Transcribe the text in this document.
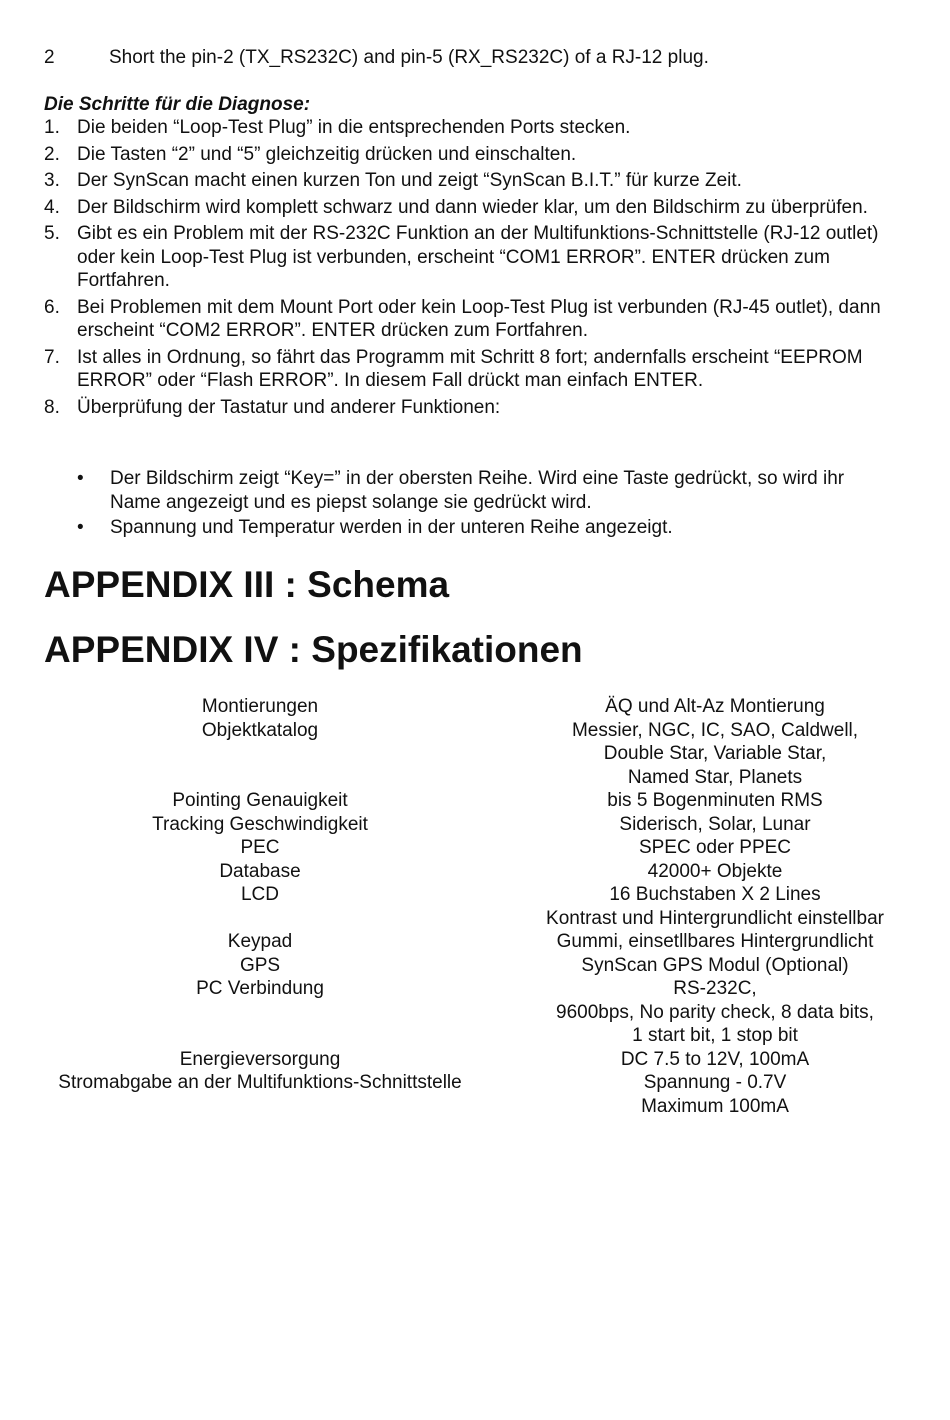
2	Short the pin-2 (TX_RS232C) and pin-5 (RX_RS232C) of a RJ-12 plug.
Die Schritte für die Diagnose:
1. Die beiden “Loop-Test Plug” in die entsprechenden Ports stecken.
2. Die Tasten “2” und “5” gleichzeitig drücken und einschalten.
3. Der SynScan macht einen kurzen Ton und zeigt “SynScan B.I.T.” für kurze Zeit.
4. Der Bildschirm wird komplett schwarz und dann wieder klar, um den Bildschirm zu überprüfen.
5. Gibt es ein Problem mit der RS-232C Funktion an der Multifunktions-Schnittstelle (RJ-12 outlet) oder kein Loop-Test Plug ist verbunden, erscheint “COM1 ERROR”. ENTER drücken zum Fortfahren.
6. Bei Problemen mit dem Mount Port oder kein Loop-Test Plug ist verbunden (RJ-45 outlet), dann erscheint “COM2 ERROR”. ENTER drücken zum Fortfahren.
7. Ist alles in Ordnung, so fährt das Programm mit Schritt 8 fort; andernfalls erscheint “EEPROM ERROR” oder “Flash ERROR”. In diesem Fall drückt man einfach ENTER.
8. Überprüfung der Tastatur und anderer Funktionen:
• Der Bildschirm zeigt “Key=” in der obersten Reihe. Wird eine Taste gedrückt, so wird ihr Name angezeigt und es piepst solange sie gedrückt wird.
• Spannung und Temperatur werden in der unteren Reihe angezeigt.
APPENDIX III : Schema
APPENDIX IV : Spezifikationen
Montierungen	ÄQ und Alt-Az Montierung
Objektkatalog	Messier, NGC, IC, SAO, Caldwell,
Double Star, Variable Star,
Named Star, Planets
Pointing Genauigkeit	bis 5 Bogenminuten RMS
Tracking Geschwindigkeit	Siderisch, Solar, Lunar
PEC	SPEC oder PPEC
Database	42000+ Objekte
LCD	16 Buchstaben X 2 Lines
Kontrast und Hintergrundlicht einstellbar
Keypad	Gummi, einsetllbares Hintergrundlicht
GPS	SynScan GPS Modul (Optional)
PC Verbindung	RS-232C,
9600bps, No parity check, 8 data bits,
1 start bit, 1 stop bit
Energieversorgung	DC 7.5 to 12V, 100mA
Stromabgabe an der Multifunktions-Schnittstelle	Spannung - 0.7V
Maximum 100mA
